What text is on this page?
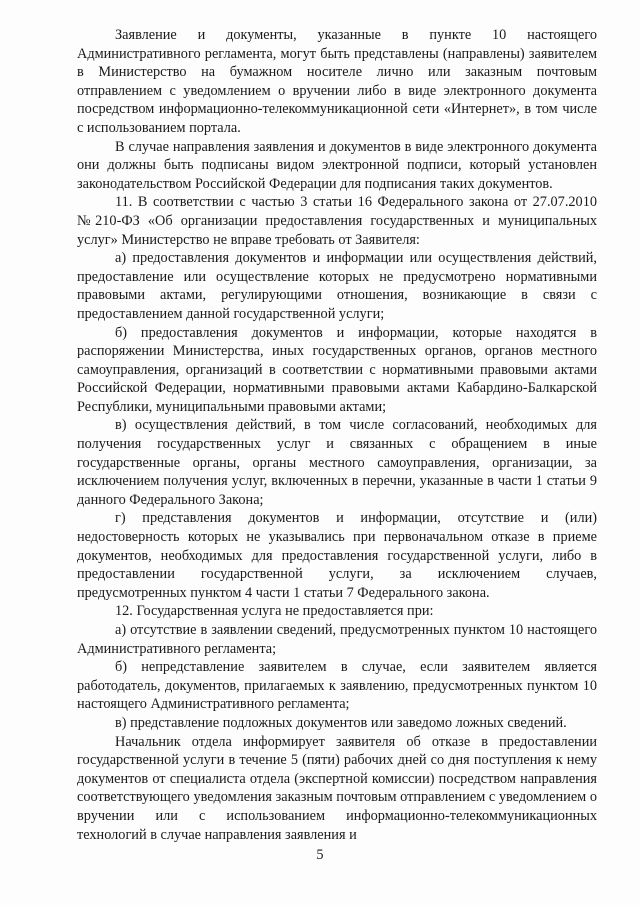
Заявление и документы, указанные в пункте 10 настоящего Административного регламента, могут быть представлены (направлены) заявителем в Министерство на бумажном носителе лично или заказным почтовым отправлением с уведомлением о вручении либо в виде электронного документа посредством информационно-телекоммуникационной сети «Интернет», в том числе с использованием портала.

В случае направления заявления и документов в виде электронного документа они должны быть подписаны видом электронной подписи, который установлен законодательством Российской Федерации для подписания таких документов.

11. В соответствии с частью 3 статьи 16 Федерального закона от 27.07.2010 №210-ФЗ «Об организации предоставления государственных и муниципальных услуг» Министерство не вправе требовать от Заявителя:

а) предоставления документов и информации или осуществления действий, предоставление или осуществление которых не предусмотрено нормативными правовыми актами, регулирующими отношения, возникающие в связи с предоставлением данной государственной услуги;

б) предоставления документов и информации, которые находятся в распоряжении Министерства, иных государственных органов, органов местного самоуправления, организаций в соответствии с нормативными правовыми актами Российской Федерации, нормативными правовыми актами Кабардино-Балкарской Республики, муниципальными правовыми актами;

в) осуществления действий, в том числе согласований, необходимых для получения государственных услуг и связанных с обращением в иные государственные органы, органы местного самоуправления, организации, за исключением получения услуг, включенных в перечни, указанные в части 1 статьи 9 данного Федерального Закона;

г) представления документов и информации, отсутствие и (или) недостоверность которых не указывались при первоначальном отказе в приеме документов, необходимых для предоставления государственной услуги, либо в предоставлении государственной услуги, за исключением случаев, предусмотренных пунктом 4 части 1 статьи 7 Федерального закона.

12. Государственная услуга не предоставляется при:

а) отсутствие в заявлении сведений, предусмотренных пунктом 10 настоящего Административного регламента;

б) непредставление заявителем в случае, если заявителем является работодатель, документов, прилагаемых к заявлению, предусмотренных пунктом 10 настоящего Административного регламента;

в) представление подложных документов или заведомо ложных сведений.

Начальник отдела информирует заявителя об отказе в предоставлении государственной услуги в течение 5 (пяти) рабочих дней со дня поступления к нему документов от специалиста отдела (экспертной комиссии) посредством направления соответствующего уведомления заказным почтовым отправлением с уведомлением о вручении или с использованием информационно-телекоммуникационных технологий в случае направления заявления и

5
